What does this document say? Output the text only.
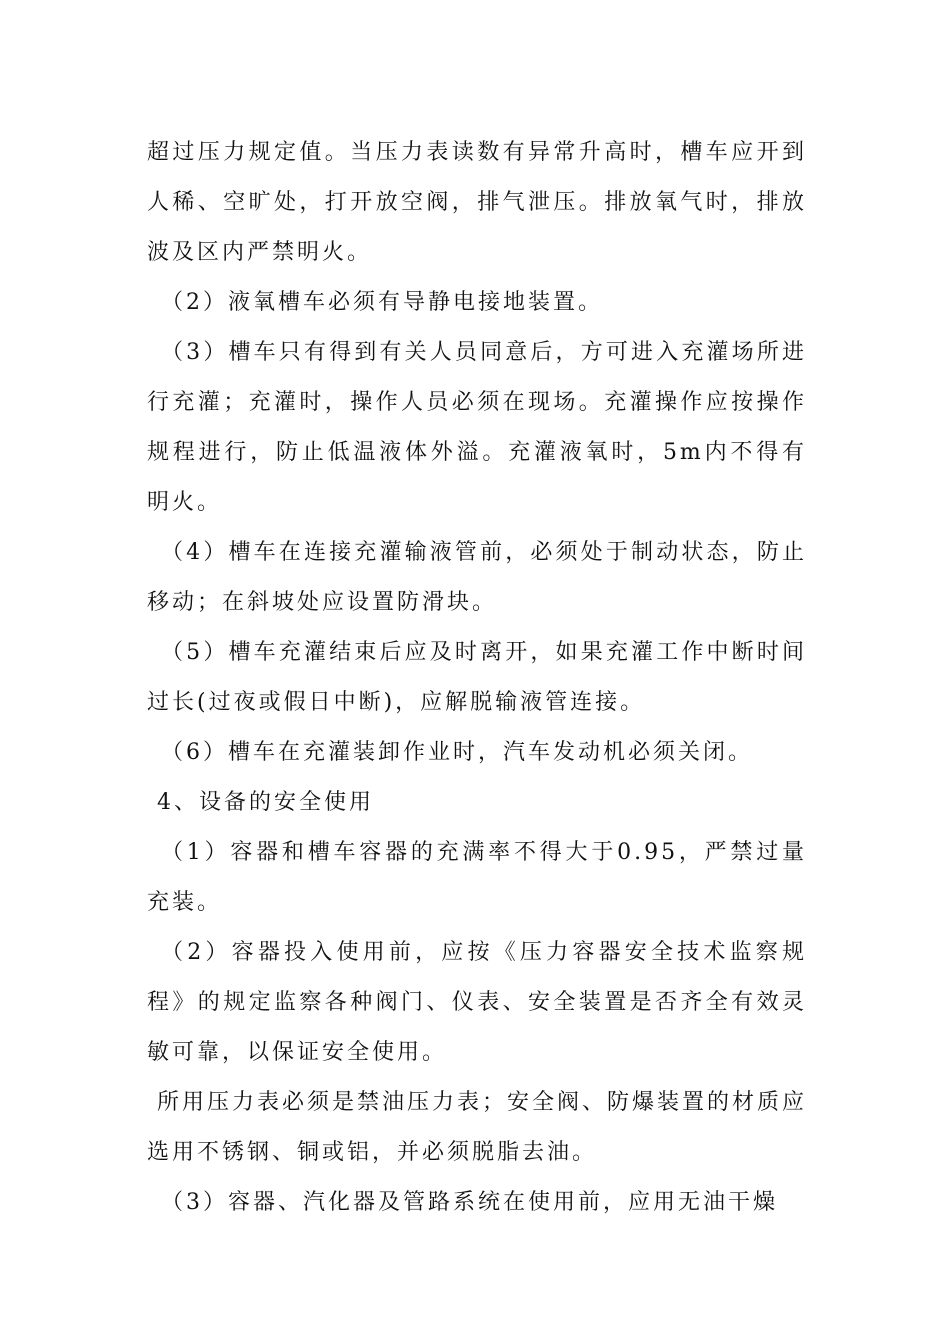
超过压力规定值。当压力表读数有异常升高时，槽车应开到人稀、空旷处，打开放空阀，排气泄压。排放氧气时，排放波及区内严禁明火。

（2）液氧槽车必须有导静电接地装置。

（3）槽车只有得到有关人员同意后，方可进入充灌场所进行充灌；充灌时，操作人员必须在现场。充灌操作应按操作规程进行，防止低温液体外溢。充灌液氧时，5m内不得有明火。

（4）槽车在连接充灌输液管前，必须处于制动状态，防止移动；在斜坡处应设置防滑块。

（5）槽车充灌结束后应及时离开，如果充灌工作中断时间过长(过夜或假日中断)，应解脱输液管连接。

（6）槽车在充灌装卸作业时，汽车发动机必须关闭。

4、设备的安全使用

（1）容器和槽车容器的充满率不得大于0.95，严禁过量充装。

（2）容器投入使用前，应按《压力容器安全技术监察规程》的规定监察各种阀门、仪表、安全装置是否齐全有效灵敏可靠，以保证安全使用。

所用压力表必须是禁油压力表；安全阀、防爆装置的材质应选用不锈钢、铜或铝，并必须脱脂去油。

（3）容器、汽化器及管路系统在使用前，应用无油干燥
